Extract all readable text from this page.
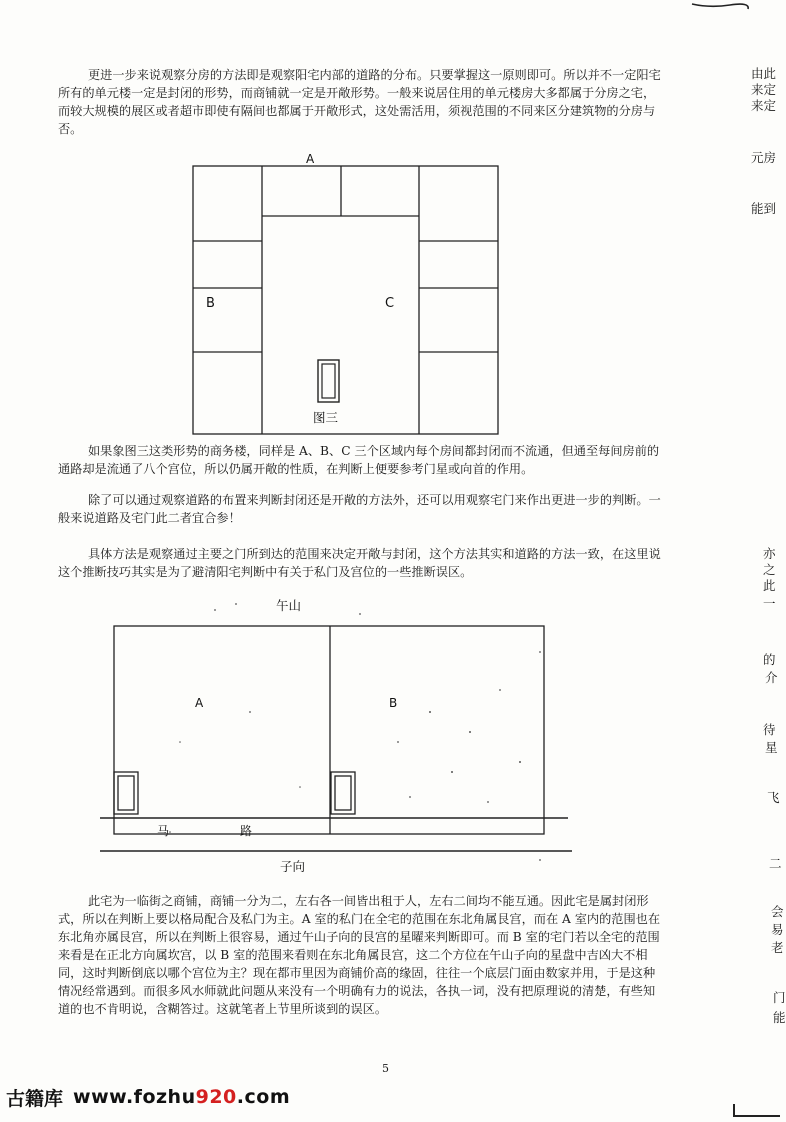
更进一步来说观察分房的方法即是观察阳宅内部的道路的分布。只要掌握这一原则即可。所以并不一定阳宅
所有的单元楼一定是封闭的形势，而商铺就一定是开敞形势。一般来说居住用的单元楼房大多都属于分房之宅，
而较大规模的展区或者超市即使有隔间也都属于开敞形式，这处需活用，须视范围的不同来区分建筑物的分房与
否。
A
B	C
图三
如果象图三这类形势的商务楼，同样是 A、B、C 三个区域内每个房间都封闭而不流通，但通至每间房前的
通路却是流通了八个宫位，所以仍属开敞的性质，在判断上便要参考门星或向首的作用。
除了可以通过观察道路的布置来判断封闭还是开敞的方法外，还可以用观察宅门来作出更进一步的判断。一
般来说道路及宅门此二者宜合参！
具体方法是观察通过主要之门所到达的范围来决定开敞与封闭，这个方法其实和道路的方法一致，在这里说
这个推断技巧其实是为了避清阳宅判断中有关于私门及宫位的一些推断误区。
午山
A	B
马	路
子向
此宅为一临街之商铺，商铺一分为二，左右各一间皆出租于人，左右二间均不能互通。因此宅是属封闭形
式，所以在判断上要以格局配合及私门为主。A 室的私门在全宅的范围在东北角属艮宫，而在 A 室内的范围也在
东北角亦属艮宫，所以在判断上很容易，通过午山子向的艮宫的星曜来判断即可。而 B 室的宅门若以全宅的范围
来看是在正北方向属坎宫，以 B 室的范围来看则在东北角属艮宫，这二个方位在午山子向的星盘中吉凶大不相
同，这时判断倒底以哪个宫位为主？现在都市里因为商铺价高的缘固，往往一个底层门面由数家并用，于是这种
情况经常遇到。而很多风水师就此问题从来没有一个明确有力的说法，各执一词，没有把原理说的清楚，有些知
道的也不肯明说，含糊答过。这就笔者上节里所谈到的误区。
由此
来定
来定
元房
能到
亦
之
此
一
的
介
待
星
飞
二
会
易
老
门
能
5
古籍库 www.fozhu920.com
